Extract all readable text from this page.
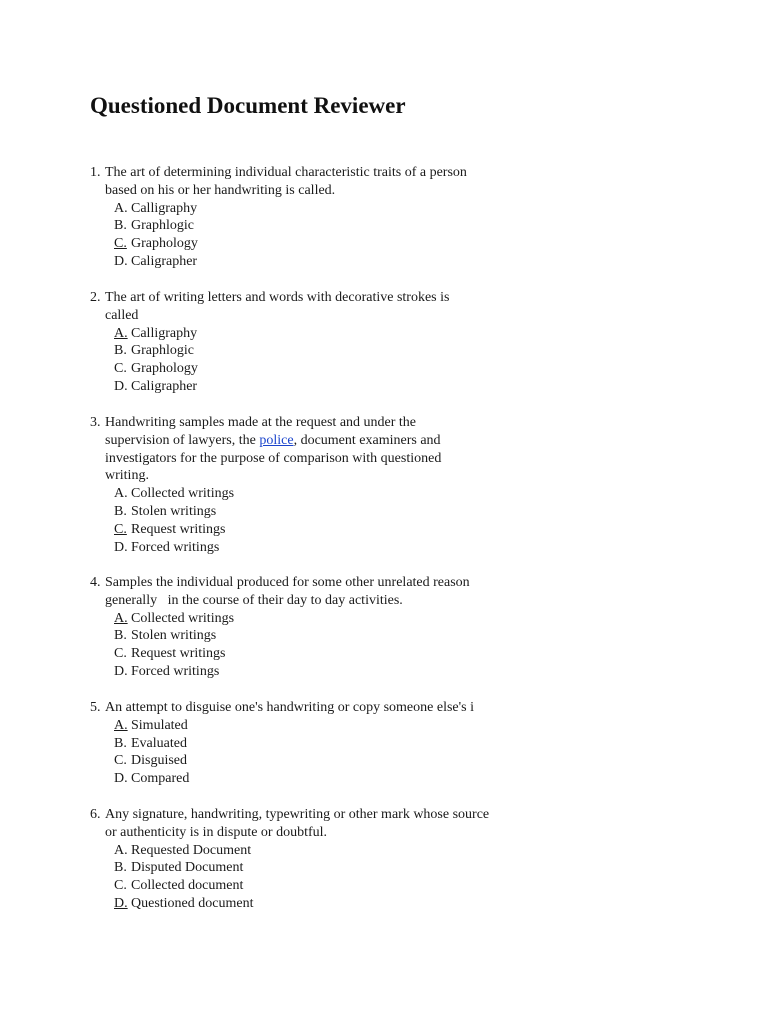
Questioned Document Reviewer
1. The art of determining individual characteristic traits of a person
based on his or her handwriting is called.
A. Calligraphy
B. Graphlogic
C. Graphology
D. Caligrapher
2. The art of writing letters and words with decorative strokes is
called
A. Calligraphy
B. Graphlogic
C. Graphology
D. Caligrapher
3. Handwriting samples made at the request and under the
supervision of lawyers, the police, document examiners and
investigators for the purpose of comparison with questioned
writing.
A. Collected writings
B. Stolen writings
C. Request writings
D. Forced writings
4. Samples the individual produced for some other unrelated reason
generally   in the course of their day to day activities.
A. Collected writings
B. Stolen writings
C. Request writings
D. Forced writings
5. An attempt to disguise one's handwriting or copy someone else's i
A. Simulated
B. Evaluated
C. Disguised
D. Compared
6. Any signature, handwriting, typewriting or other mark whose source
or authenticity is in dispute or doubtful.
A. Requested Document
B. Disputed Document
C. Collected document
D. Questioned document
